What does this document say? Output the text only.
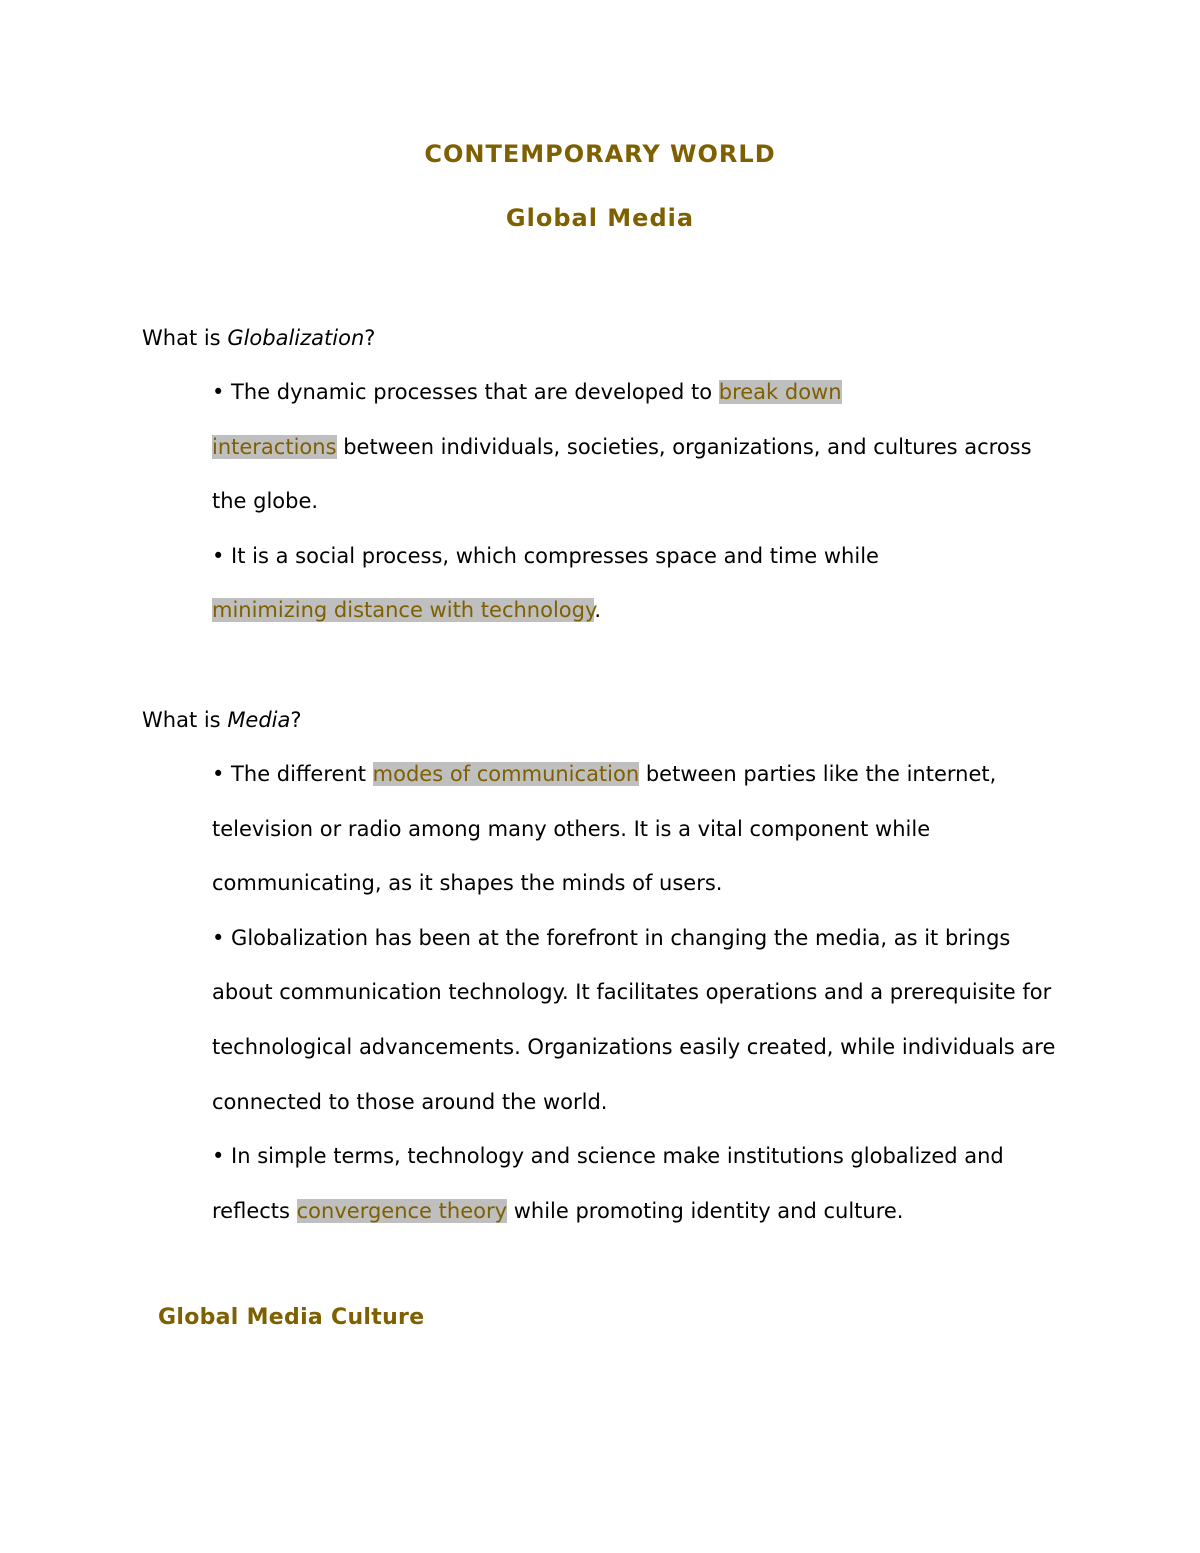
CONTEMPORARY WORLD
Global Media

What is Globalization?

• The dynamic processes that are developed to break down
interactions between individuals, societies, organizations, and cultures across the globe.
• It is a social process, which compresses space and time while
minimizing distance with technology.

What is Media?

• The different modes of communication between parties like the internet, television or radio among many others. It is a vital component while communicating, as it shapes the minds of users.
• Globalization has been at the forefront in changing the media, as it brings about communication technology. It facilitates operations and a prerequisite for technological advancements. Organizations easily created, while individuals are connected to those around the world.
• In simple terms, technology and science make institutions globalized and reflects convergence theory while promoting identity and culture.
Global Media Culture
